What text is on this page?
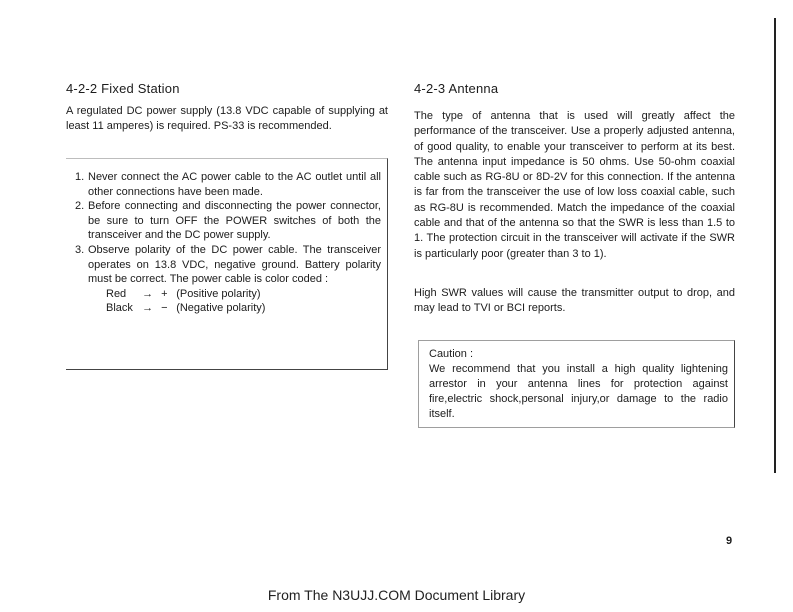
4-2-2 Fixed Station

A regulated DC power supply (13.8 VDC capable of supplying at least 11 amperes) is required. PS-33 is recommended.

1. Never connect the AC power cable to the AC outlet until all other connections have been made.
2. Before connecting and disconnecting the power connector, be sure to turn OFF the POWER switches of both the transceiver and the DC power supply.
3. Observe polarity of the DC power cable. The transceiver operates on 13.8 VDC, negative ground. Battery polarity must be correct. The power cable is color coded :
Red → + (Positive polarity)
Black → − (Negative polarity)
4-2-3 Antenna

The type of antenna that is used will greatly affect the performance of the transceiver. Use a properly adjusted antenna, of good quality, to enable your transceiver to perform at its best. The antenna input impedance is 50 ohms. Use 50-ohm coaxial cable such as RG-8U or 8D-2V for this connection. If the antenna is far from the transceiver the use of low loss coaxial cable, such as RG-8U is recommended. Match the impedance of the coaxial cable and that of the antenna so that the SWR is less than 1.5 to 1. The protection circuit in the transceiver will activate if the SWR is particularly poor (greater than 3 to 1).

High SWR values will cause the transmitter output to drop, and may lead to TVI or BCI reports.

Caution :
We recommend that you install a high quality lightening arrestor in your antenna lines for protection against fire,electric shock,personal injury,or damage to the radio itself.
9
From The N3UJJ.COM Document Library
